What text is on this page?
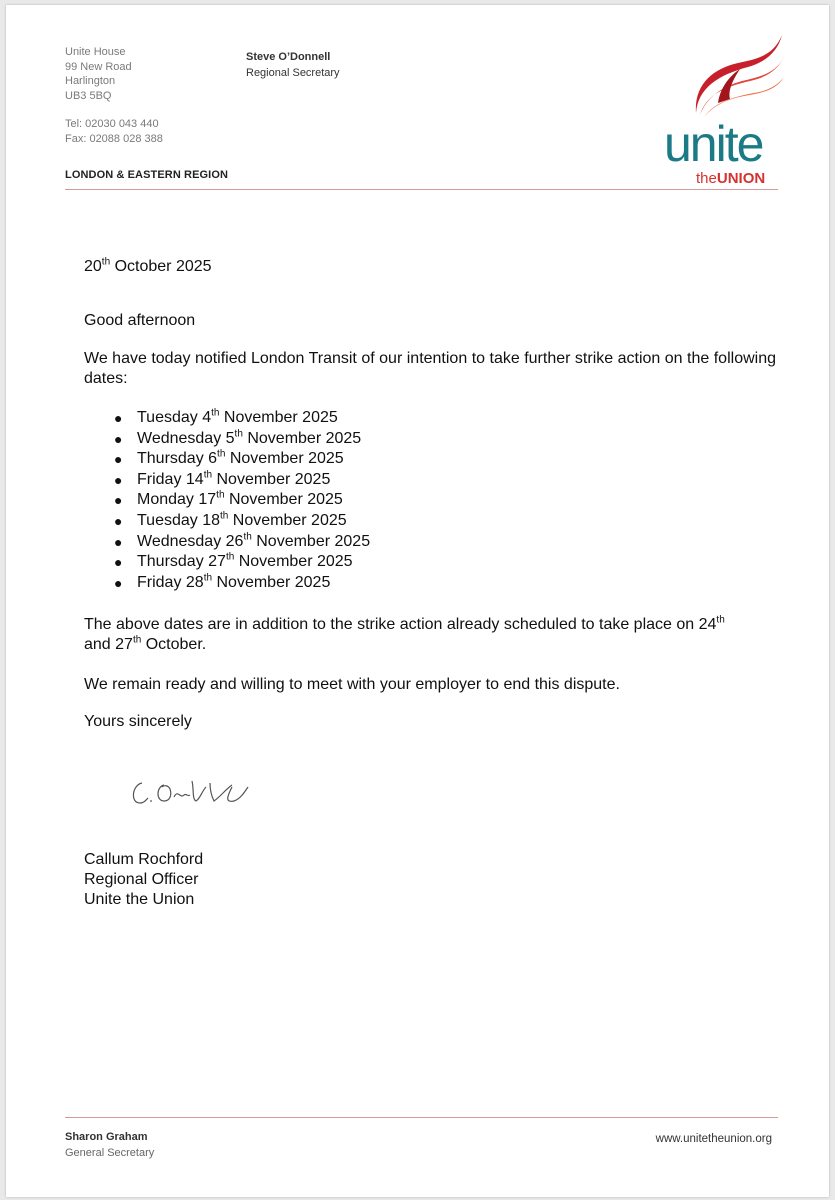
Unite House
99 New Road
Harlington
UB3 5BQ
Tel: 02030 043 440
Fax: 02088 028 388
Steve O’Donnell
Regional Secretary
LONDON & EASTERN REGION
unite
theUNION
20th October 2025
Good afternoon
We have today notified London Transit of our intention to take further strike action on the following dates:
● Tuesday 4th November 2025
● Wednesday 5th November 2025
● Thursday 6th November 2025
● Friday 14th November 2025
● Monday 17th November 2025
● Tuesday 18th November 2025
● Wednesday 26th November 2025
● Thursday 27th November 2025
● Friday 28th November 2025
The above dates are in addition to the strike action already scheduled to take place on 24th
and 27th October.
We remain ready and willing to meet with your employer to end this dispute.
Yours sincerely
Callum Rochford
Regional Officer
Unite the Union
Sharon Graham
General Secretary
www.unitetheunion.org
